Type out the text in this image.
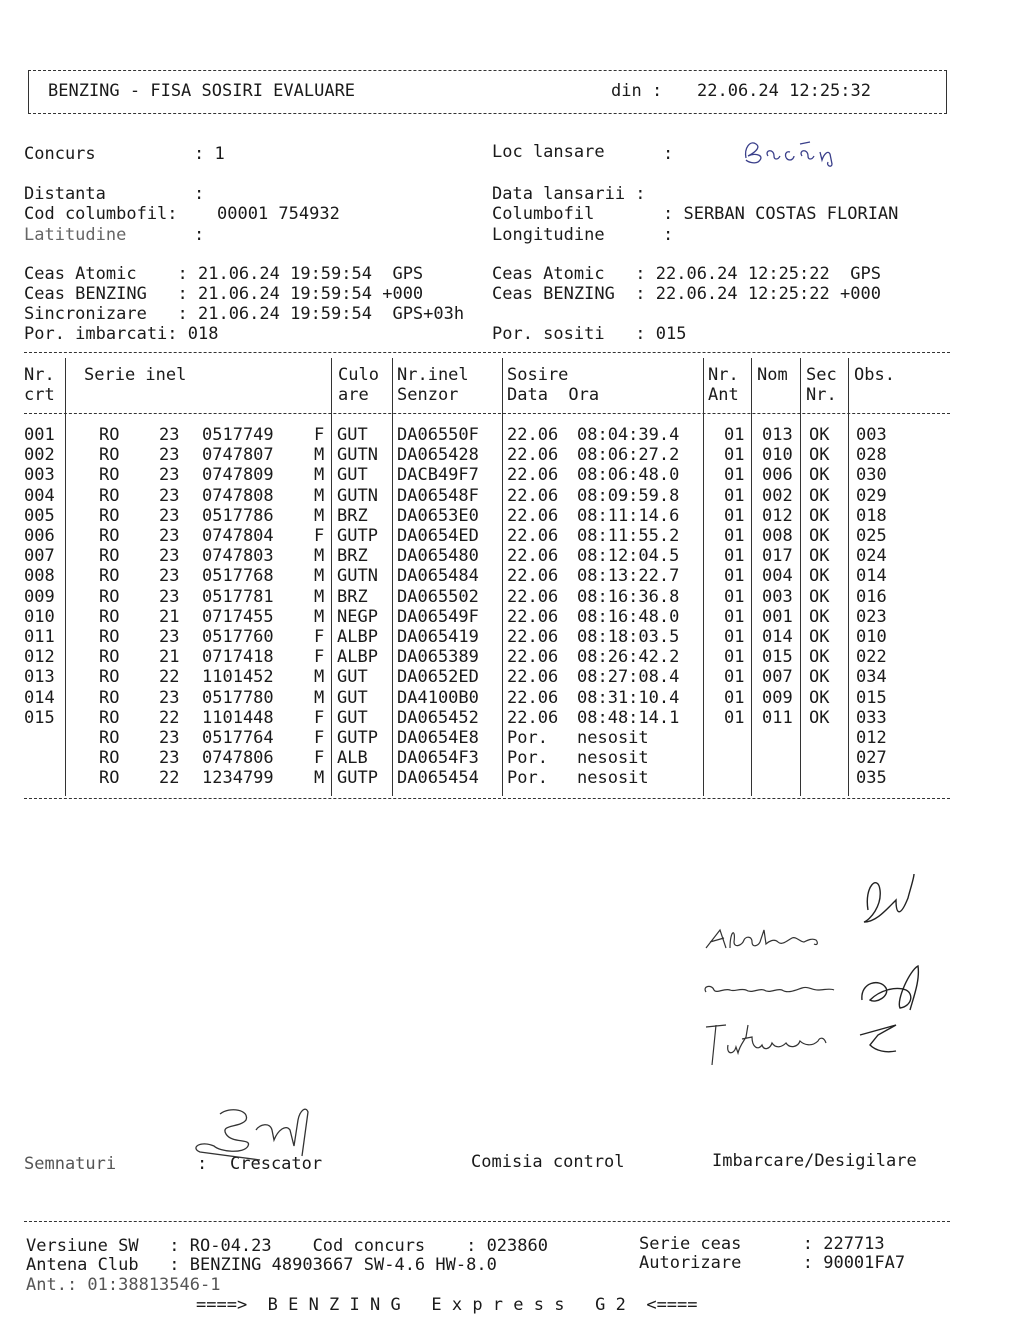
BENZING - FISA SOSIRI EVALUARE	din : 22.06.24 12:25:32
Concurs	: 1	Loc lansare	:
Distanta	:	Data lansarii :
Cod columbofil: 00001 754932	Columbofil	: SERBAN COSTAS FLORIAN
Latitudine	:	Longitudine	:
Ceas Atomic    : 21.06.24 19:59:54  GPS	Ceas Atomic   : 22.06.24 12:25:22  GPS
Ceas BENZING   : 21.06.24 19:59:54 +000	Ceas BENZING  : 22.06.24 12:25:22 +000
Sincronizare   : 21.06.24 19:59:54  GPS+03h
Por. imbarcati: 018	Por. sositi   : 015
Nr. Serie inel	Culo Nr.inel Sosire	Nr. Nom Sec Obs.
crt	are Senzor	Data  Ora	Ant	Nr.
001	RO 23 0517749 F GUT DA06550F 22.06 08:04:39.4	01 013 OK 003
002	RO 23 0747807 M GUTN DA065428 22.06 08:06:27.2	01 010 OK 028
003	RO 23 0747809 M GUT DACB49F7 22.06 08:06:48.0	01 006 OK 030
004	RO 23 0747808 M GUTN DA06548F 22.06 08:09:59.8	01 002 OK 029
005	RO 23 0517786 M BRZ DA0653E0 22.06 08:11:14.6	01 012 OK 018
006	RO 23 0747804 F GUTP DA0654ED 22.06 08:11:55.2	01 008 OK 025
007	RO 23 0747803 M BRZ DA065480 22.06 08:12:04.5	01 017 OK 024
008	RO 23 0517768 M GUTN DA065484 22.06 08:13:22.7	01 004 OK 014
009	RO 23 0517781 M BRZ DA065502 22.06 08:16:36.8	01 003 OK 016
010	RO 21 0717455 M NEGP DA06549F 22.06 08:16:48.0	01 001 OK 023
011	RO 23 0517760 F ALBP DA065419 22.06 08:18:03.5	01 014 OK 010
012	RO 21 0717418 F ALBP DA065389 22.06 08:26:42.2	01 015 OK 022
013	RO 22 1101452 M GUT DA0652ED 22.06 08:27:08.4	01 007 OK 034
014	RO 23 0517780 M GUT DA4100B0 22.06 08:31:10.4	01 009 OK 015
015	RO 22 1101448 F GUT DA065452 22.06 08:48:14.1	01 011 OK 033
RO 23 0517764 F GUTP DA0654E8 Por. nesosit	012
RO 23 0747806 F ALB DA0654F3 Por. nesosit	027
RO 22 1234799 M GUTP DA065454 Por. nesosit	035
Semnaturi	: Crescator	Comisia control	Imbarcare/Desigilare
Versiune SW   : RO-04.23    Cod concurs    : 023860	Serie ceas      : 227713
Antena Club   : BENZING 48903667 SW-4.6 HW-8.0	Autorizare      : 90001FA7
Ant.: 01:38813546-1
====>  B E N Z I N G   E x p r e s s   G 2  <====
